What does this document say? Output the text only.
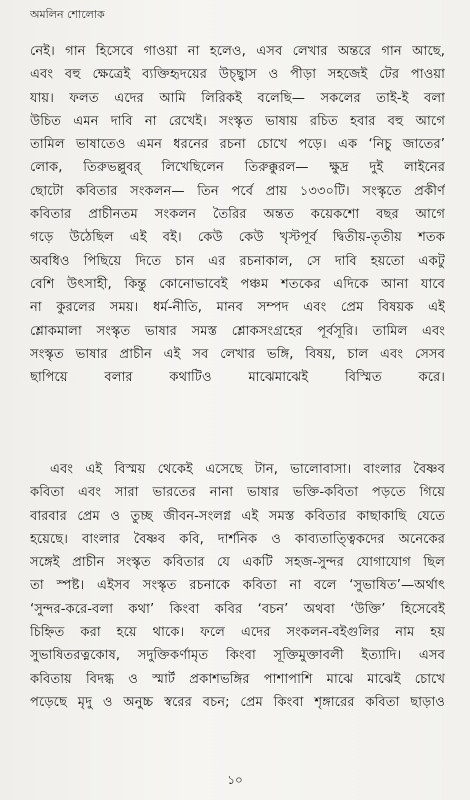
অমলিন শোলোক

নেই। গান হিসেবে গাওয়া না হলেও, এসব লেখার অন্তরে গান আছে,

এবং বহু ক্ষেত্রেই ব্যক্তিহৃদয়ের উচ্ছ্বাস ও পীড়া সহজেই টের পাওয়া

যায়। ফলত এদের আমি লিরিকই বলেছি— সকলের তাই-ই বলা

উচিত এমন দাবি না রেখেই। সংস্কৃত ভাষায় রচিত হবার বহু আগে

তামিল ভাষাতেও এমন ধরনের রচনা চোখে পড়ে। এক ‘নিচু জাতের’

লোক, তিরুভল্লুবর্‌ লিখেছিলেন তিরুক্কুরল— ক্ষুদ্র দুই লাইনের

ছোটো কবিতার সংকলন— তিন পর্বে প্রায় ১৩৩০টি। সংস্কৃতে প্রকীর্ণ

কবিতার প্রাচীনতম সংকলন তৈরির অন্তত কয়েকশো বছর আগে

গড়ে উঠেছিল এই বই। কেউ কেউ খৃস্টপূর্ব দ্বিতীয়-তৃতীয় শতক

অবধিও পিছিয়ে দিতে চান এর রচনাকাল, সে দাবি হয়তো একটু

বেশি উৎসাহী, কিন্তু কোনোভাবেই পঞ্চম শতকের এদিকে আনা যাবে

না কুরলের সময়। ধর্ম-নীতি, মানব সম্পদ এবং প্রেম বিষয়ক এই

শ্লোকমালা সংস্কৃত ভাষার সমস্ত শ্লোকসংগ্রহের পূর্বসূরি। তামিল এবং

সংস্কৃত ভাষার প্রাচীন এই সব লেখার ভঙ্গি, বিষয়, চাল এবং সেসব

ছাপিয়ে বলার কথাটিও মাঝেমাঝেই বিস্মিত করে।

এবং এই বিস্ময় থেকেই এসেছে টান, ভালোবাসা। বাংলার বৈষ্ণব

কবিতা এবং সারা ভারতের নানা ভাষার ভক্তি-কবিতা পড়তে গিয়ে

বারবার প্রেম ও তুচ্ছ জীবন-সংলগ্ন এই সমস্ত কবিতার কাছাকাছি যেতে

হয়েছে। বাংলার বৈষ্ণব কবি, দার্শনিক ও কাব্যতাত্ত্বিকদের অনেকের

সঙ্গেই প্রাচীন সংস্কৃত কবিতার যে একটি সহজ-সুন্দর যোগাযোগ ছিল

তা স্পষ্ট। এইসব সংস্কৃত রচনাকে কবিতা না বলে ‘সুভাষিত’—অর্থাৎ

‘সুন্দর-করে-বলা কথা’ কিংবা কবির ‘বচন’ অথবা ‘উক্তি’ হিসেবেই

চিহ্নিত করা হয়ে থাকে। ফলে এদের সংকলন-বইগুলির নাম হয়

সুভাষিতরত্নকোষ, সদুক্তিকর্ণামৃত কিংবা সূক্তিমুক্তাবলী ইত্যাদি। এসব

কবিতায় বিদগ্ধ ও স্মার্ট প্রকাশভঙ্গির পাশাপাশি মাঝে মাঝেই চোখে

পড়েছে মৃদু ও অনুচ্চ স্বরের বচন; প্রেম কিংবা শৃঙ্গারের কবিতা ছাড়াও

১০
